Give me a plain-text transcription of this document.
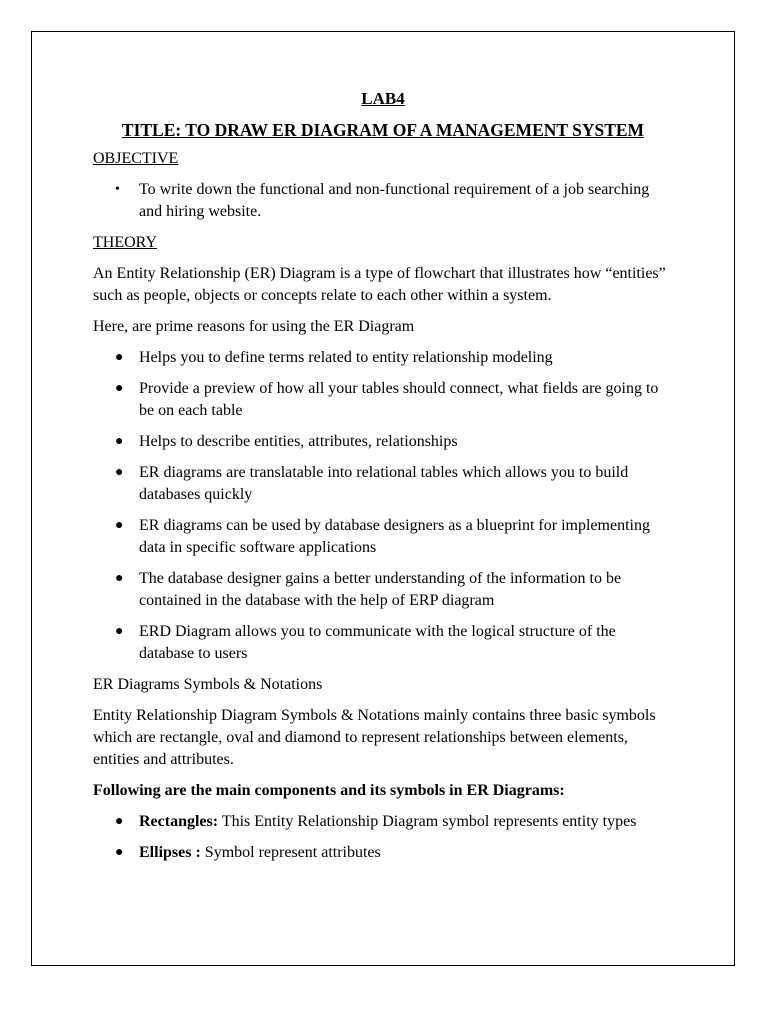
LAB4
TITLE: TO DRAW ER DIAGRAM OF A MANAGEMENT SYSTEM
OBJECTIVE
• To write down the functional and non-functional requirement of a job searching and hiring website.
THEORY

An Entity Relationship (ER) Diagram is a type of flowchart that illustrates how “entities” such as people, objects or concepts relate to each other within a system.

Here, are prime reasons for using the ER Diagram

● Helps you to define terms related to entity relationship modeling
● Provide a preview of how all your tables should connect, what fields are going to be on each table
● Helps to describe entities, attributes, relationships
● ER diagrams are translatable into relational tables which allows you to build databases quickly
● ER diagrams can be used by database designers as a blueprint for implementing data in specific software applications
● The database designer gains a better understanding of the information to be contained in the database with the help of ERP diagram
● ERD Diagram allows you to communicate with the logical structure of the database to users

ER Diagrams Symbols & Notations

Entity Relationship Diagram Symbols & Notations mainly contains three basic symbols which are rectangle, oval and diamond to represent relationships between elements, entities and attributes.

Following are the main components and its symbols in ER Diagrams:

● Rectangles: This Entity Relationship Diagram symbol represents entity types
● Ellipses : Symbol represent attributes
